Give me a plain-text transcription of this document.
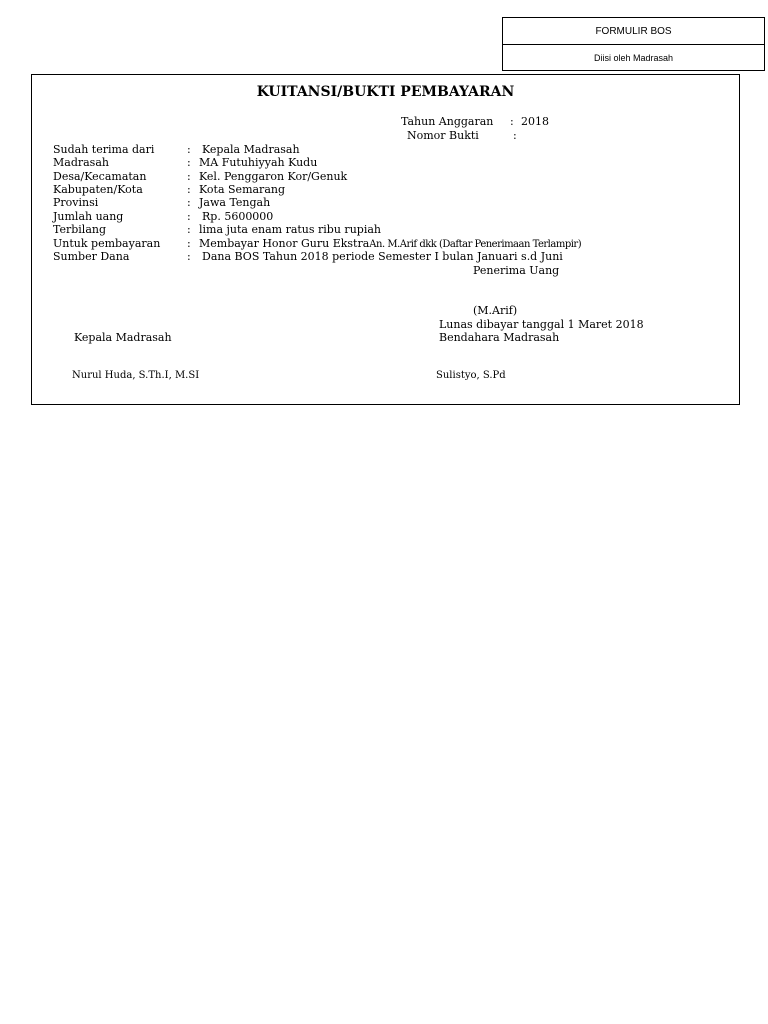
FORMULIR BOS
Diisi oleh Madrasah
KUITANSI/BUKTI PEMBAYARAN
Tahun Anggaran : 2018
Nomor Bukti	:
Sudah terima dari	: Kepala Madrasah
Madrasah	: MA Futuhiyyah Kudu
Desa/Kecamatan	: Kel. Penggaron Kor/Genuk
Kabupaten/Kota	: Kota Semarang
Provinsi	: Jawa Tengah
Jumlah uang	: Rp. 5600000
Terbilang	: lima juta enam ratus ribu rupiah
Untuk pembayaran : Membayar Honor Guru EkstraAn. M.Arif dkk (Daftar Penerimaan Terlampir)
Sumber Dana	: Dana BOS Tahun 2018 periode Semester I bulan Januari s.d Juni
Penerima Uang
(M.Arif)
Lunas dibayar tanggal 1 Maret 2018
Kepala Madrasah	Bendahara Madrasah
Nurul Huda, S.Th.I, M.SI	Sulistyo, S.Pd
